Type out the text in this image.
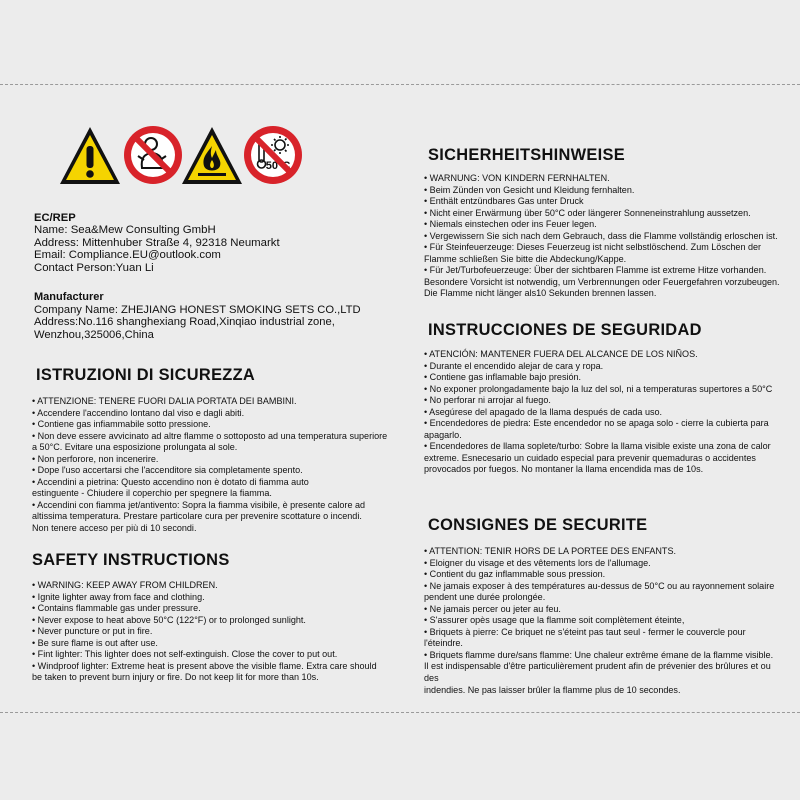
50°C
EC/REP
Name: Sea&Mew Consulting GmbH
Address: Mittenhuber Straße 4, 92318 Neumarkt
Email: Compliance.EU@outlook.com
Contact Person:Yuan Li
Manufacturer
Company Name: ZHEJIANG HONEST SMOKING SETS CO.,LTD
Address:No.116 shanghexiang Road,Xinqiao industrial zone,
Wenzhou,325006,China
ISTRUZIONI DI SICUREZZA
• ATTENZIONE: TENERE FUORI DALIA PORTATA DEI BAMBINI.
• Accendere l'accendino lontano dal viso e dagli abiti.
• Contiene gas infiammabile sotto pressione.
• Non deve essere avvicinato ad altre flamme o sottoposto ad una temperatura superiore
a 50°C. Evitare una esposizione prolungata al sole.
• Non perforore, non incenerire.
• Dope l'uso accertarsi che l'accenditore sia completamente spento.
• Accendini a pietrina: Questo accendino non è dotato di fiamma auto
estinguente - Chiudere il coperchio per spegnere la fiamma.
• Accendini con fiamma jet/antivento: Sopra la fiamma visibile, è presente calore ad
altissima temperatura. Prestare particolare cura per prevenire scottature o incendi.
Non tenere acceso per più di 10 secondi.
SAFETY INSTRUCTIONS
• WARNING: KEEP AWAY FROM CHILDREN.
• Ignite lighter away from face and clothing.
• Contains flammable gas under pressure.
• Never expose to heat above 50°C (122°F) or to prolonged sunlight.
• Never puncture or put in fire.
• Be sure flame is out after use.
• Fint lighter: This lighter does not self-extinguish. Close the cover to put out.
• Windproof lighter: Extreme heat is present above the visible flame. Extra care should
be taken to prevent burn injury or fire. Do not keep lit for more than 10s.
SICHERHEITSHINWEISE
• WARNUNG: VON KINDERN FERNHALTEN.
• Beim Zünden von Gesicht und Kleidung fernhalten.
• Enthält entzündbares Gas unter Druck
• Nicht einer Erwärmung über 50°C oder längerer Sonneneinstrahlung aussetzen.
• Niemals einstechen oder ins Feuer legen.
• Vergewissern Sie sich nach dem Gebrauch, dass die Flamme vollständig erloschen ist.
• Für Steinfeuerzeuge: Dieses Feuerzeug ist nicht selbstlöschend. Zum Löschen der
Flamme schließen Sie bitte die Abdeckung/Kappe.
• Für Jet/Turbofeuerzeuge: Über der sichtbaren Flamme ist extreme Hitze vorhanden.
Besondere Vorsicht ist notwendig, um Verbrennungen oder Feuergefahren vorzubeugen.
Die Flamme nicht länger als10 Sekunden brennen lassen.
INSTRUCCIONES DE SEGURIDAD
• ATENCIÓN: MANTENER FUERA DEL ALCANCE DE LOS NIÑOS.
• Durante el encendido alejar de cara y ropa.
• Contiene gas inflamable bajo presión.
• No exponer prolongadamente bajo la luz del sol, ni a temperaturas supertores a 50°C
• No perforar ni arrojar al fuego.
• Asegúrese del apagado de la llama después de cada uso.
• Encendedores de piedra: Este encendedor no se apaga solo - cierre la cubierta para
apagarlo.
• Encendedores de llama soplete/turbo: Sobre la llama visible existe una zona de calor
extreme. Esnecesario un cuidado especial para prevenir quemaduras o accidentes
provocados por fuegos. No montaner la llama encendida mas de 10s.
CONSIGNES DE SECURITE
• ATTENTION: TENIR HORS DE LA PORTEE DES ENFANTS.
• Eloigner du visage et des vêtements lors de l'allumage.
• Contient du gaz inflammable sous pression.
• Ne jamais exposer à des températures au-dessus de 50°C ou au rayonnement solaire
pendent une durée prolongée.
• Ne jamais percer ou jeter au feu.
• S'assurer opès usage que la flamme soit complètement éteinte,
• Briquets à pierre: Ce briquet ne s'éteint pas taut seul - fermer le couvercle pour l'éteindre.
• Briquets flamme dure/sans flamme: Une chaleur extrême émane de la flamme visible.
Il est indispensable d'être particulièrement prudent afin de prévenier des brûlures et ou des
indendies. Ne pas laisser brûler la flamme plus de 10 secondes.
